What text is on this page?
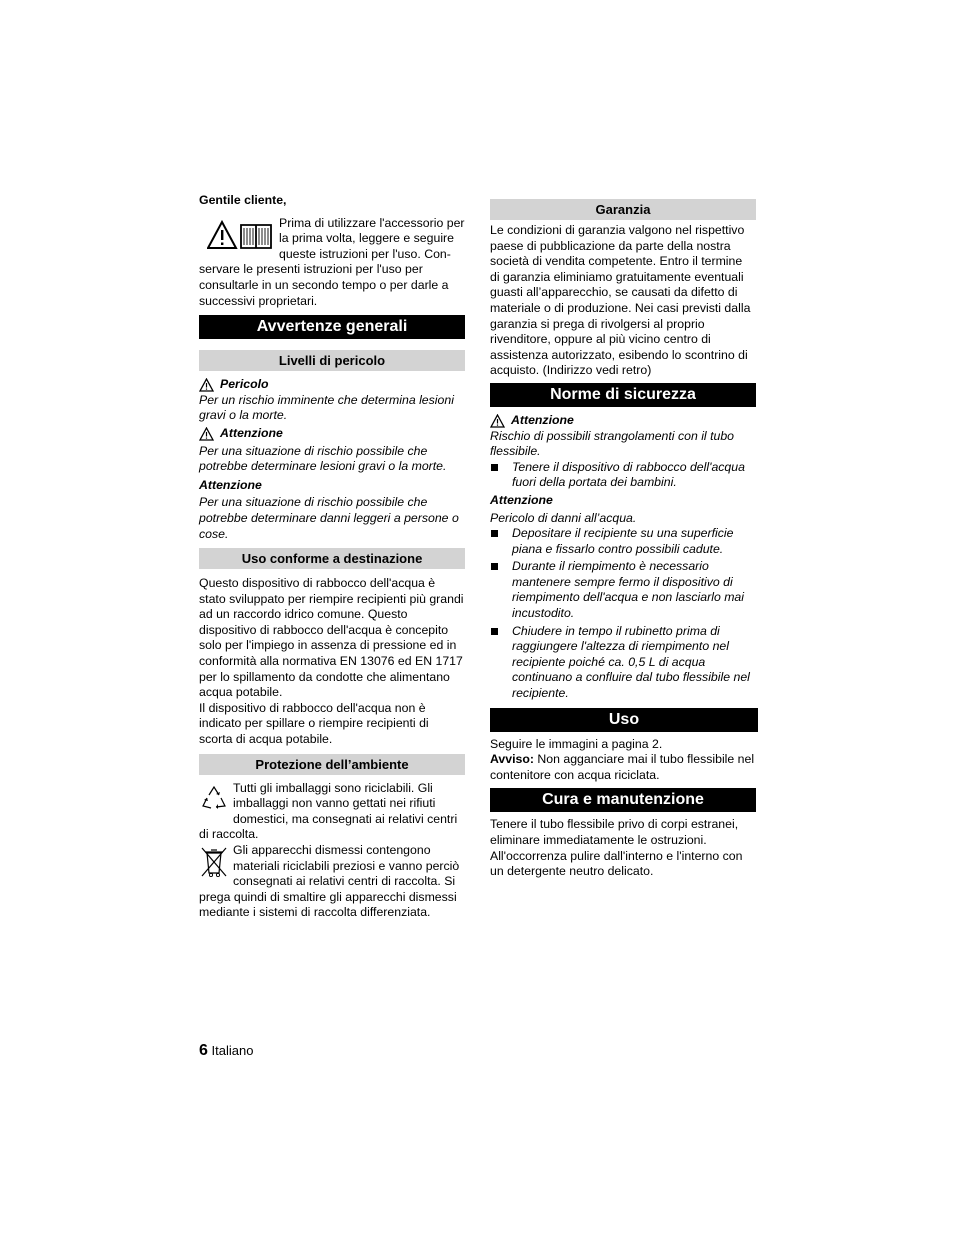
Gentile cliente,

Prima di utilizzare l'accessorio per la prima volta, leggere e seguire queste istruzioni per l'uso. Con-

servare le presenti istruzioni per l'uso per consultarle in un secondo tempo o per darle a successivi proprietari.

Avvertenze generali
Livelli di pericolo
Pericolo

Per un rischio imminente che determina lesioni gravi o la morte.

Attenzione

Per una situazione di rischio possibile che potrebbe determinare lesioni gravi o la morte.

Attenzione

Per una situazione di rischio possibile che potrebbe determinare danni leggeri a persone o cose.

Uso conforme a destinazione

Questo dispositivo di rabbocco dell'acqua è stato sviluppato per riempire recipienti più grandi ad un raccordo idrico comune. Questo dispositivo di rabbocco dell'acqua è concepito solo per l'impiego in assenza di pressione ed in conformità alla normativa EN 13076 ed EN 1717 per lo spillamento da condotte che alimentano acqua potabile.

Il dispositivo di rabbocco dell'acqua non è indicato per spillare o riempire recipienti di scorta di acqua potabile.

Protezione dell’ambiente

Tutti gli imballaggi sono riciclabili. Gli imballaggi non vanno gettati nei rifiuti domestici, ma consegnati ai relativi centri di raccolta.

Gli apparecchi dismessi contengono materiali riciclabili preziosi e vanno perciò consegnati ai relativi centri di raccolta. Si prega quindi di smaltire gli apparecchi dismessi mediante i sistemi di raccolta differenziata.

Garanzia

Le condizioni di garanzia valgono nel rispettivo paese di pubblicazione da parte della nostra società di vendita competente. Entro il termine di garanzia eliminiamo gratuitamente eventuali guasti all’apparecchio, se causati da difetto di materiale o di produzione. Nei casi previsti dalla garanzia si prega di rivolgersi al proprio rivenditore, oppure al più vicino centro di assistenza autorizzato, esibendo lo scontrino di acquisto. (Indirizzo vedi retro)

Norme di sicurezza
Attenzione

Rischio di possibili strangolamenti con il tubo flessibile.

Tenere il dispositivo di rabbocco dell'acqua fuori della portata dei bambini.

Attenzione

Pericolo di danni all’acqua.

Depositare il recipiente su una superficie piana e fissarlo contro possibili cadute.
Durante il riempimento è necessario mantenere sempre fermo il dispositivo di riempimento dell'acqua e non lasciarlo mai incustodito.
Chiudere in tempo il rubinetto prima di raggiungere l'altezza di riempimento nel recipiente poiché ca. 0,5 L di acqua continuano a confluire dal tubo flessibile nel recipiente.
Uso

Seguire le immagini a pagina 2.

Avviso: Non agganciare mai il tubo flessibile nel contenitore con acqua riciclata.

Cura e manutenzione

Tenere il tubo flessibile privo di corpi estranei, eliminare immediatamente le ostruzioni. All'occorrenza pulire dall'interno e l'interno con un detergente neutro delicato.

6 Italiano
